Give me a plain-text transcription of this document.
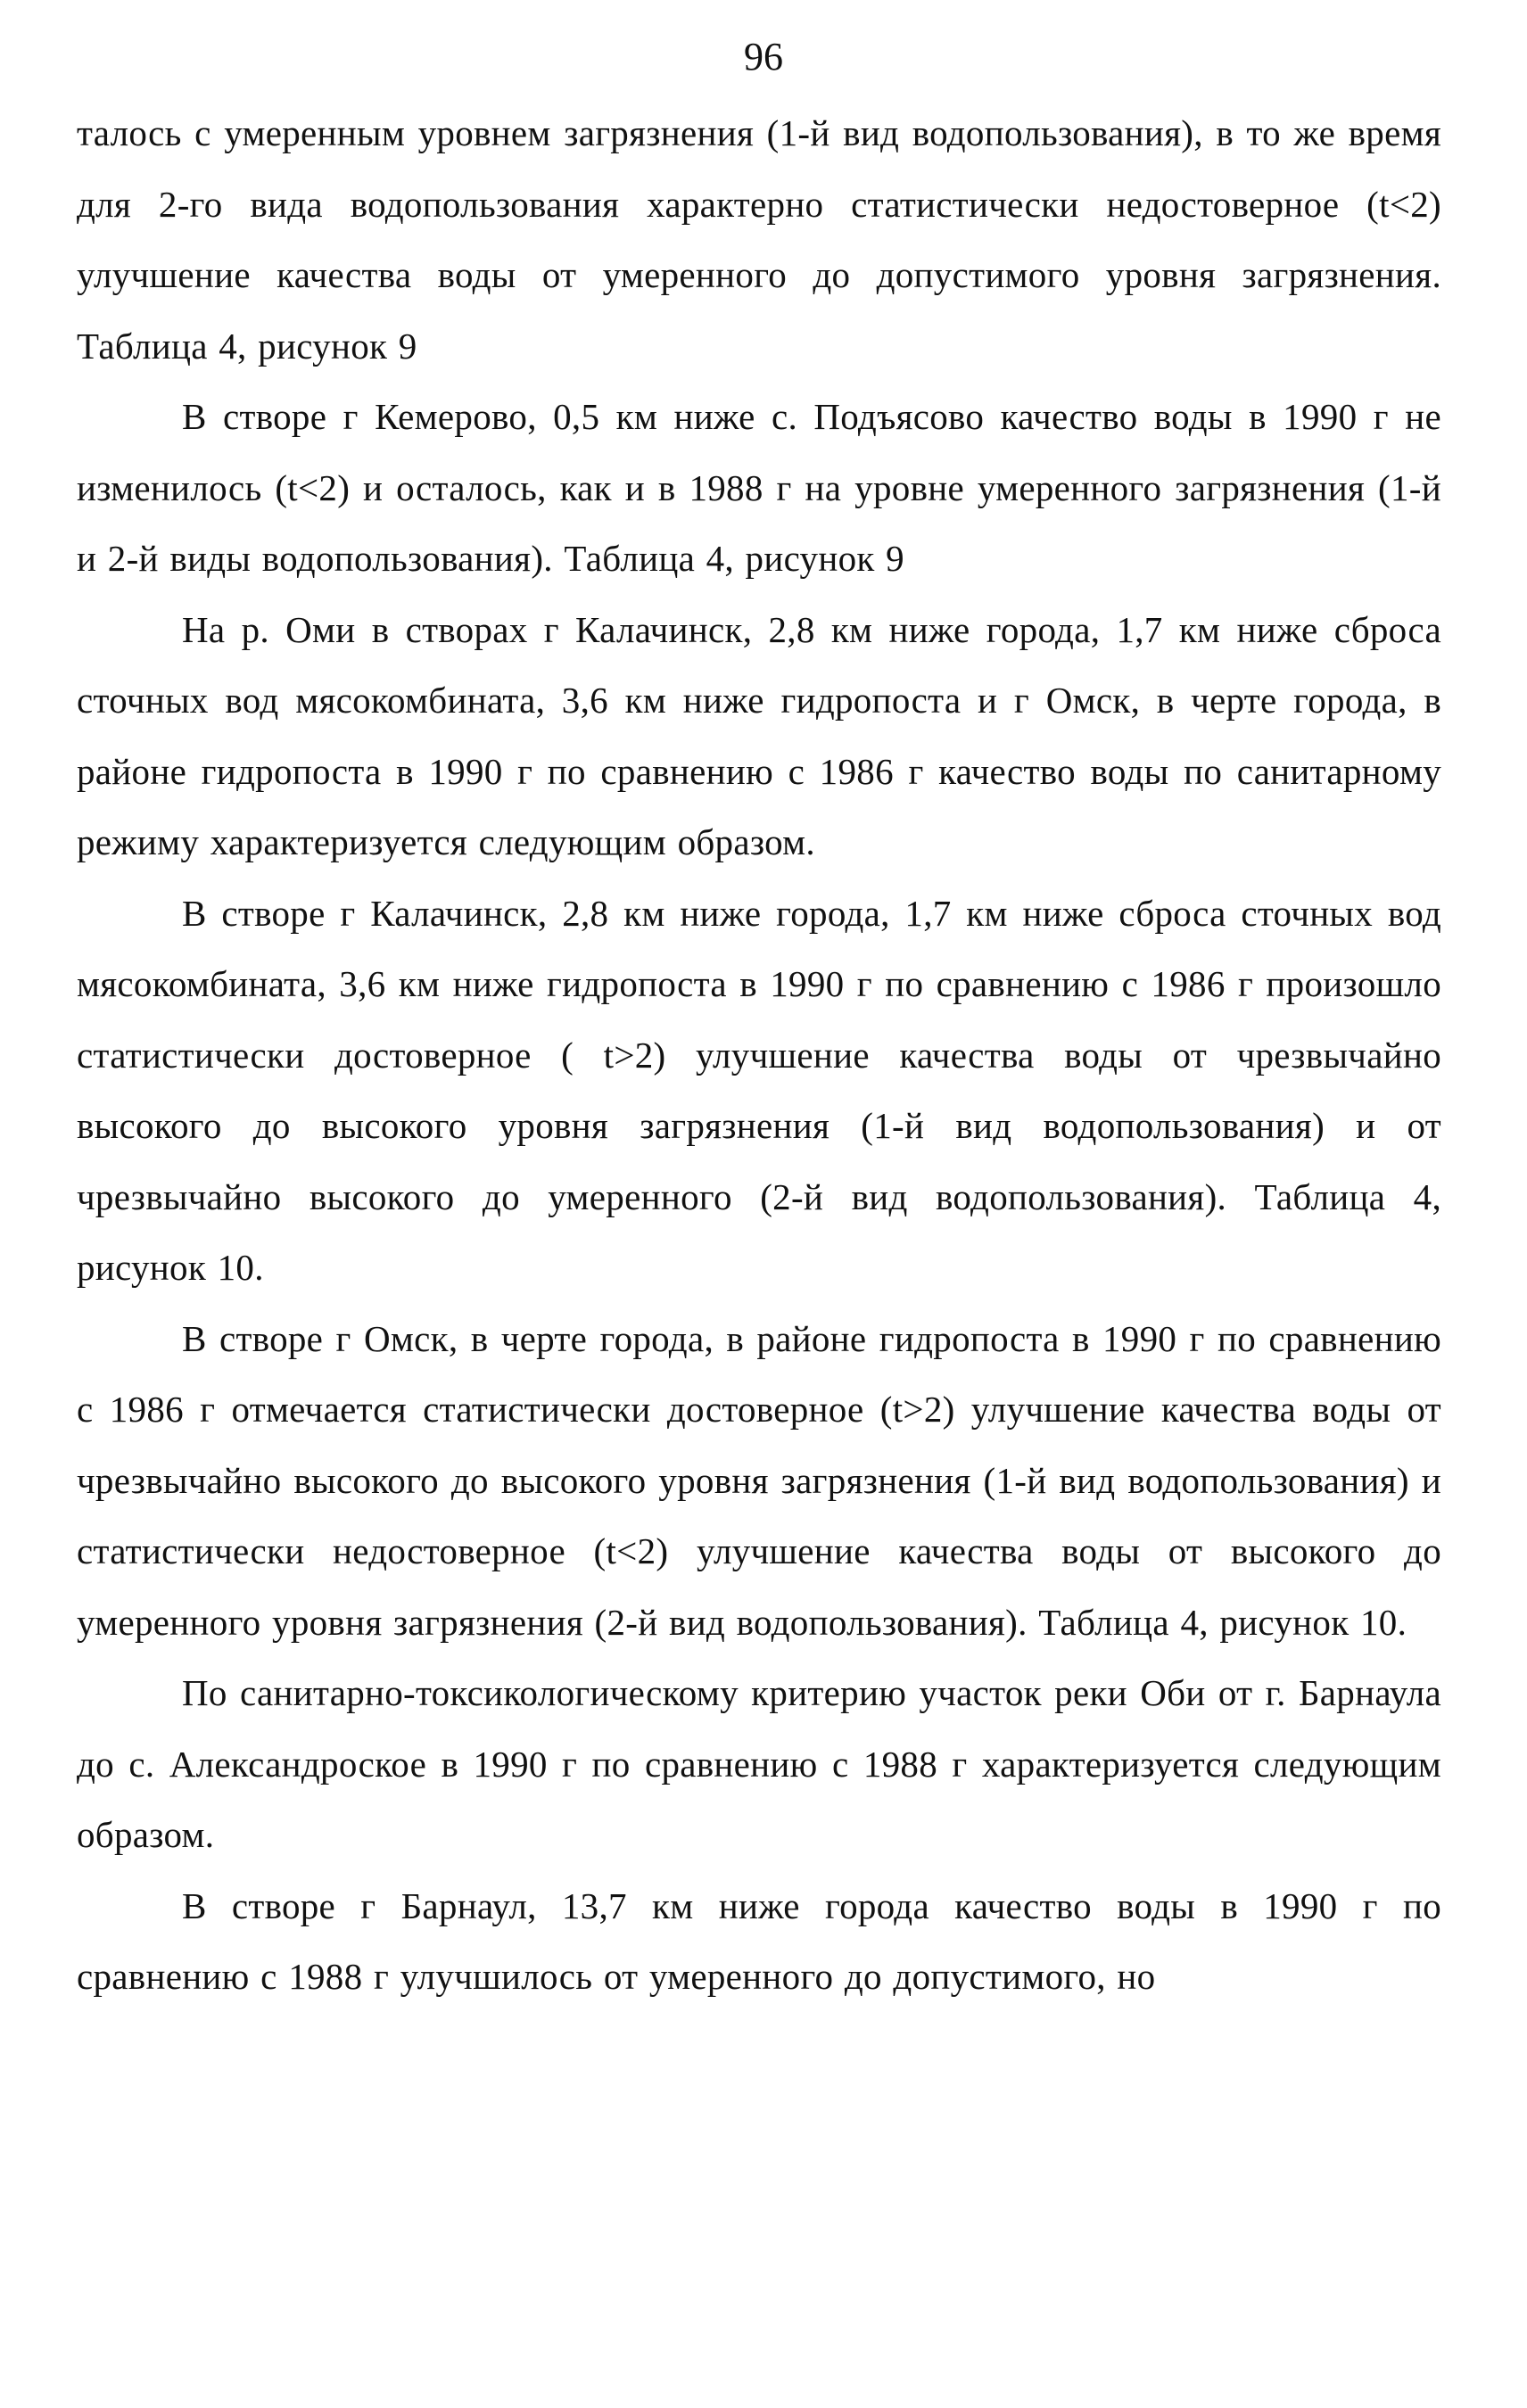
96

талось с умеренным уровнем загрязнения (1-й вид водопользования), в то же время для 2-го вида водопользования характерно статистически недостоверное (t<2) улучшение качества воды от умеренного до допустимого уровня загрязнения. Таблица 4, рисунок 9

В створе г Кемерово, 0,5 км ниже с. Подъясово качество воды в 1990 г не изменилось (t<2) и осталось, как и в 1988 г на уровне умеренного загрязнения (1-й и 2-й виды водопользования). Таблица 4, рисунок 9

На р. Оми в створах г Калачинск, 2,8 км ниже города, 1,7 км ниже сброса сточных вод мясокомбината, 3,6 км ниже гидропоста и г Омск, в черте города, в районе гидропоста в 1990 г по сравнению с 1986 г качество воды по санитарному режиму характеризуется следующим образом.

В створе г Калачинск, 2,8 км ниже города, 1,7 км ниже сброса сточных вод мясокомбината, 3,6 км ниже гидропоста в 1990 г по сравнению с 1986 г произошло статистически достоверное ( t>2) улучшение качества воды от чрезвычайно высокого до высокого уровня загрязнения (1-й вид водопользования) и от чрезвычайно высокого до умеренного (2-й вид водопользования). Таблица 4, рисунок 10.

В створе г Омск, в черте города, в районе гидропоста в 1990 г по сравнению с 1986 г отмечается статистически достоверное (t>2) улучшение качества воды от чрезвычайно высокого до высокого уровня загрязнения (1-й вид водопользования) и статистически недостоверное (t<2) улучшение качества воды от высокого до умеренного уровня загрязнения (2-й вид водопользования). Таблица 4, рисунок 10.

По санитарно-токсикологическому критерию участок реки Оби от г. Барнаула до с. Александроское в 1990 г по сравнению с 1988 г характеризуется следующим образом.

В створе г Барнаул, 13,7 км ниже города качество воды в 1990 г по сравнению с 1988 г улучшилось от умеренного до допустимого, но
